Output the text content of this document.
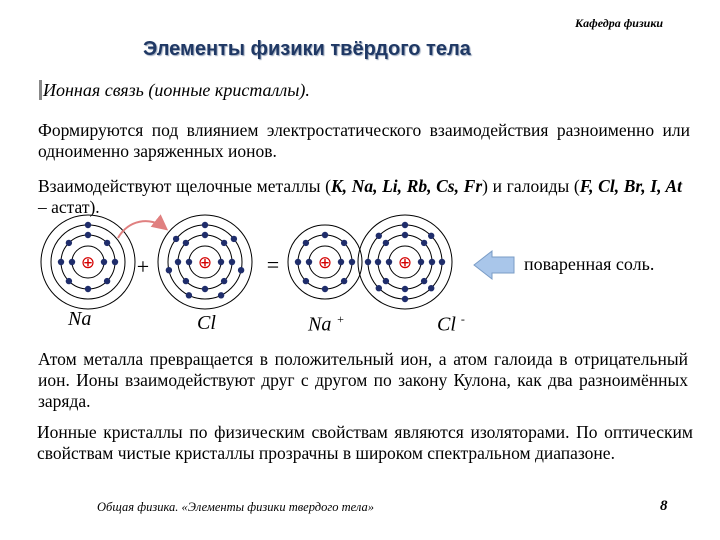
Кафедра физики
Элементы физики твёрдого тела
Ионная связь (ионные кристаллы).
Формируются под влиянием электростатического взаимодействия разноименно или одноименно заряженных ионов.
Взаимодействуют щелочные металлы (K, Na, Li, Rb, Cs, Fr) и галоиды (F, Cl, Br, I, At – астат).
⊕	⊕	⊕	⊕
+	=
Na	Cl	Na +	Cl -
поваренная соль.
Атом металла превращается в положительный ион, а атом галоида в отрицательный ион. Ионы взаимодействуют друг с другом по закону Кулона, как два разноимённых заряда.
Ионные кристаллы по физическим свойствам являются изоляторами. По оптическим свойствам чистые кристаллы прозрачны в широком спектральном диапазоне.
Общая физика. «Элементы физики твердого тела»	8
